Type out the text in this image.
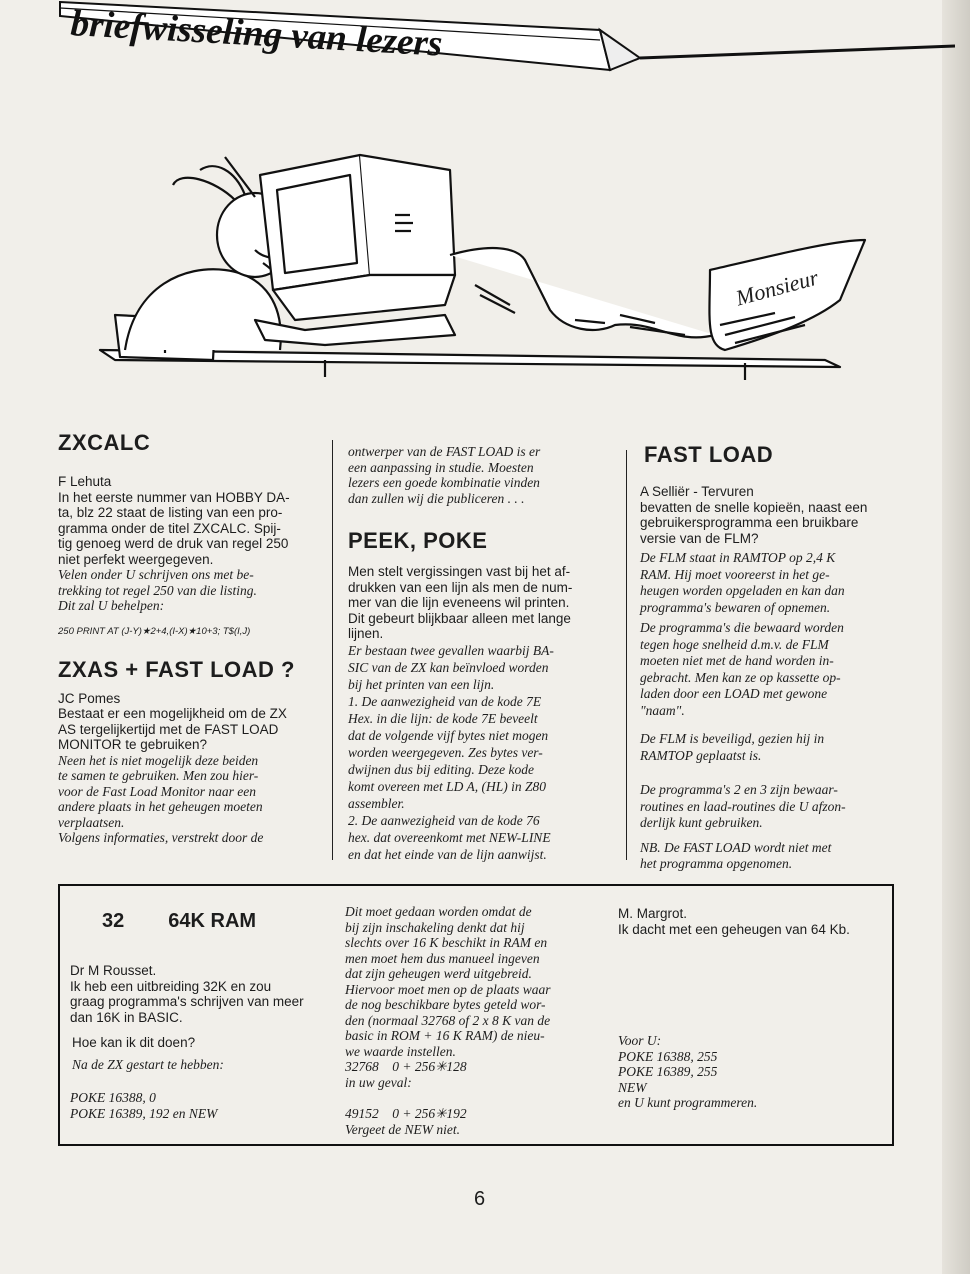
briefwisseling van lezers
Monsieur
ZXCALC
F Lehuta
In het eerste nummer van HOBBY DA-
ta, blz 22 staat de listing van een pro-
gramma onder de titel ZXCALC. Spij-
tig genoeg werd de druk van regel 250
niet perfekt weergegeven.
Velen onder U schrijven ons met be-
trekking tot regel 250 van die listing.
Dit zal U behelpen:
250 PRINT AT (J-Y)★2+4,(I-X)★10+3; T$(I,J)
ZXAS + FAST LOAD ?
JC Pomes
Bestaat er een mogelijkheid om de ZX
AS tergelijkertijd met de FAST LOAD
MONITOR te gebruiken?
Neen het is niet mogelijk deze beiden
te samen te gebruiken. Men zou hier-
voor de Fast Load Monitor naar een
andere plaats in het geheugen moeten
verplaatsen.
Volgens informaties, verstrekt door de
ontwerper van de FAST LOAD is er
een aanpassing in studie. Moesten
lezers een goede kombinatie vinden
dan zullen wij die publiceren . . .
PEEK, POKE
Men stelt vergissingen vast bij het af-
drukken van een lijn als men de num-
mer van die lijn eveneens wil printen.
Dit gebeurt blijkbaar alleen met lange
lijnen.
Er bestaan twee gevallen waarbij BA-
SIC van de ZX kan beïnvloed worden
bij het printen van een lijn.
1. De aanwezigheid van de kode 7E
Hex. in die lijn: de kode 7E beveelt
dat de volgende vijf bytes niet mogen
worden weergegeven. Zes bytes ver-
dwijnen dus bij editing. Deze kode
komt overeen met LD A, (HL) in Z80
assembler.
2. De aanwezigheid van de kode 76
hex. dat overeenkomt met NEW-LINE
en dat het einde van de lijn aanwijst.
FAST LOAD
A Selliër - Tervuren
bevatten de snelle kopieën, naast een
gebruikersprogramma een bruikbare
versie van de FLM?
De FLM staat in RAMTOP op 2,4 K
RAM. Hij moet vooreerst in het ge-
heugen worden opgeladen en kan dan
programma's bewaren of opnemen.
De programma's die bewaard worden
tegen hoge snelheid d.m.v. de FLM
moeten niet met de hand worden in-
gebracht. Men kan ze op kassette op-
laden door een LOAD met gewone
"naam".
De FLM is beveiligd, gezien hij in
RAMTOP geplaatst is.
De programma's 2 en 3 zijn bewaar-
routines en laad-routines die U afzon-
derlijk kunt gebruiken.
NB. De FAST LOAD wordt niet met
het programma opgenomen.
32 64K RAM
Dr M Rousset.
Ik heb een uitbreiding 32K en zou
graag programma's schrijven van meer
dan 16K in BASIC.
Hoe kan ik dit doen?
Na de ZX gestart te hebben:
POKE 16388, 0
POKE 16389, 192 en NEW
Dit moet gedaan worden omdat de
bij zijn inschakeling denkt dat hij
slechts over 16 K beschikt in RAM en
men moet hem dus manueel ingeven
dat zijn geheugen werd uitgebreid.
Hiervoor moet men op de plaats waar
de nog beschikbare bytes geteld wor-
den (normaal 32768 of 2 x 8 K van de
basic in ROM + 16 K RAM) de nieu-
we waarde instellen.
32768    0 + 256✳128
in uw geval:
49152    0 + 256✳192
Vergeet de NEW niet.
M. Margrot.
Ik dacht met een geheugen van 64 Kb.
Voor U:
POKE 16388, 255
POKE 16389, 255
NEW
en U kunt programmeren.
6
